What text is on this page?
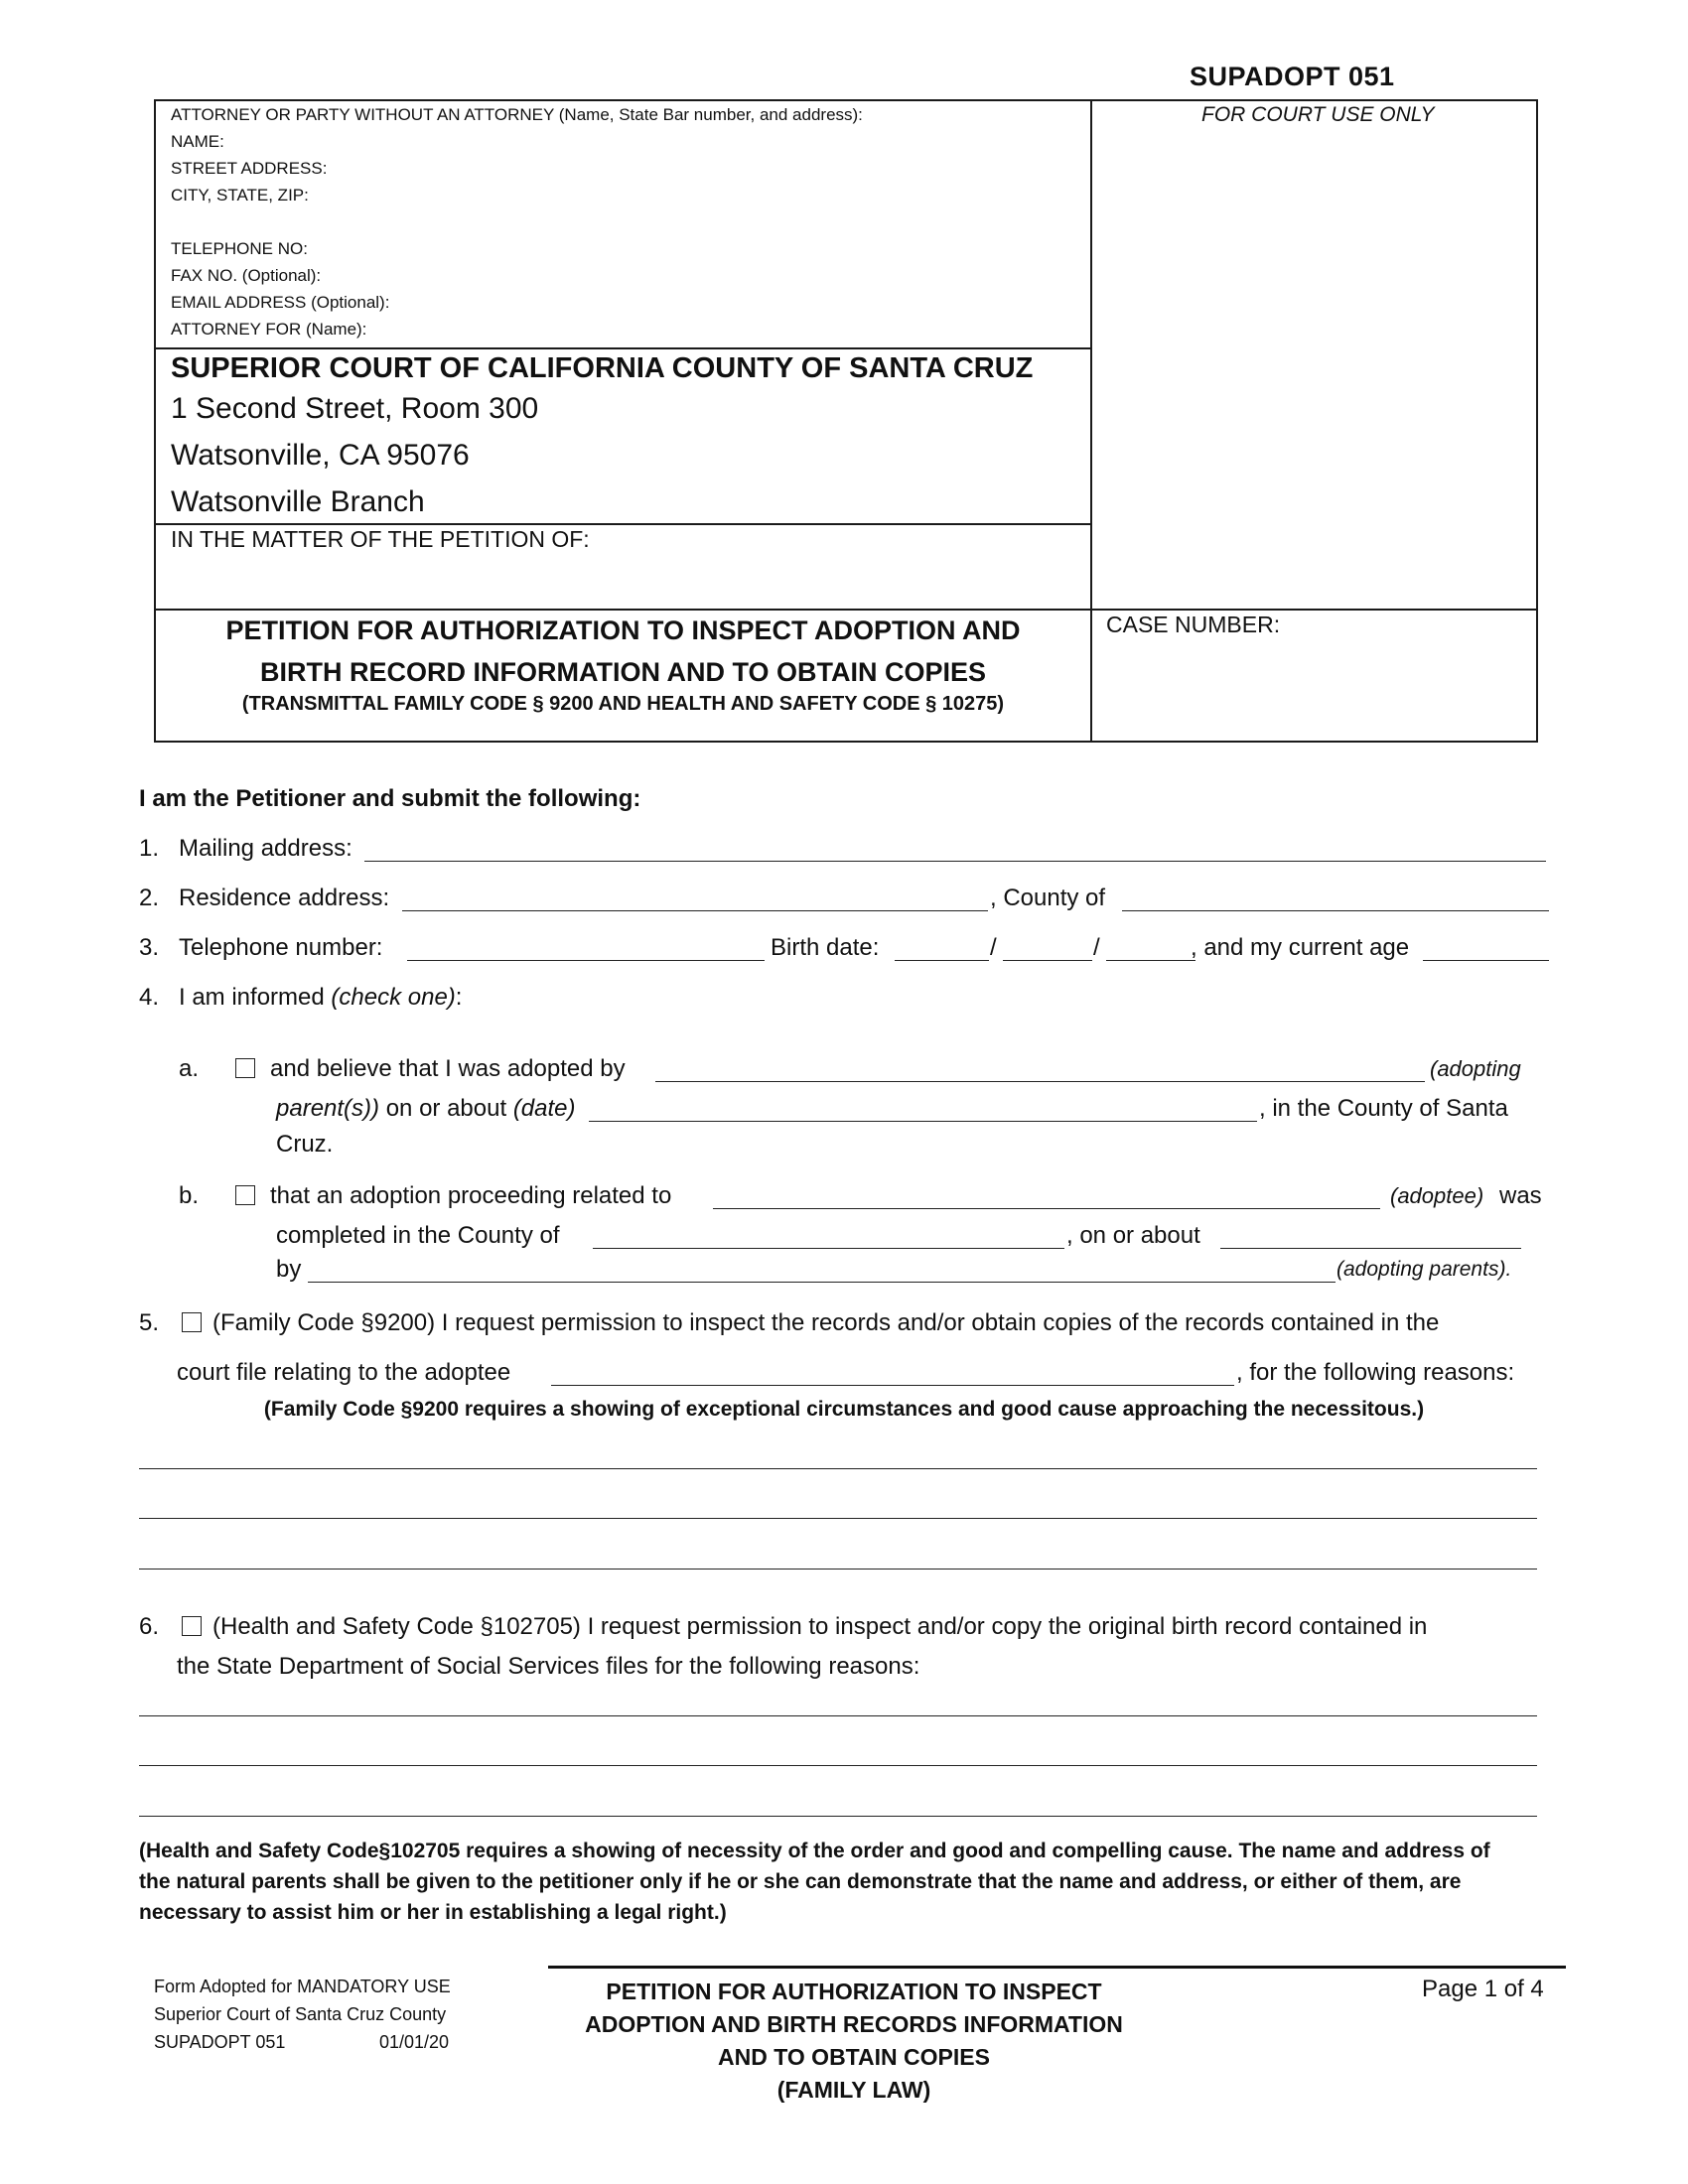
SUPADOPT 051
FOR COURT USE ONLY
ATTORNEY OR PARTY WITHOUT AN ATTORNEY (Name, State Bar number, and address):
NAME:
STREET ADDRESS:
CITY, STATE, ZIP:
TELEPHONE NO:
FAX NO. (Optional):
EMAIL ADDRESS (Optional):
ATTORNEY FOR (Name):
SUPERIOR COURT OF CALIFORNIA COUNTY OF SANTA CRUZ
1 Second Street, Room 300
Watsonville, CA 95076
Watsonville Branch
IN THE MATTER OF THE PETITION OF:
PETITION FOR AUTHORIZATION TO INSPECT ADOPTION AND
BIRTH RECORD INFORMATION AND TO OBTAIN COPIES
(TRANSMITTAL FAMILY CODE § 9200 AND HEALTH AND SAFETY CODE § 10275)
CASE NUMBER:
I am the Petitioner and submit the following:
1. Mailing address:
2. Residence address:	, County of
3. Telephone number:	Birth date:	/	/	, and my current age
4. I am informed (check one):
a.	and believe that I was adopted by	(adopting
parent(s)) on or about (date)	, in the County of Santa
Cruz.
b.	that an adoption proceeding related to	(adoptee) was
completed in the County of	, on or about
by	(adopting parents).
5. (Family Code §9200) I request permission to inspect the records and/or obtain copies of the records contained in the
court file relating to the adoptee	, for the following reasons:
(Family Code §9200 requires a showing of exceptional circumstances and good cause approaching the necessitous.)
6. (Health and Safety Code §102705) I request permission to inspect and/or copy the original birth record contained in
the State Department of Social Services files for the following reasons:
(Health and Safety Code§102705 requires a showing of necessity of the order and good and compelling cause. The name and address of
the natural parents shall be given to the petitioner only if he or she can demonstrate that the name and address, or either of them, are
necessary to assist him or her in establishing a legal right.)
Form Adopted for MANDATORY USE
Superior Court of Santa Cruz County
SUPADOPT 051	01/01/20
PETITION FOR AUTHORIZATION TO INSPECT
ADOPTION AND BIRTH RECORDS INFORMATION
AND TO OBTAIN COPIES
(FAMILY LAW)
Page 1 of 4
